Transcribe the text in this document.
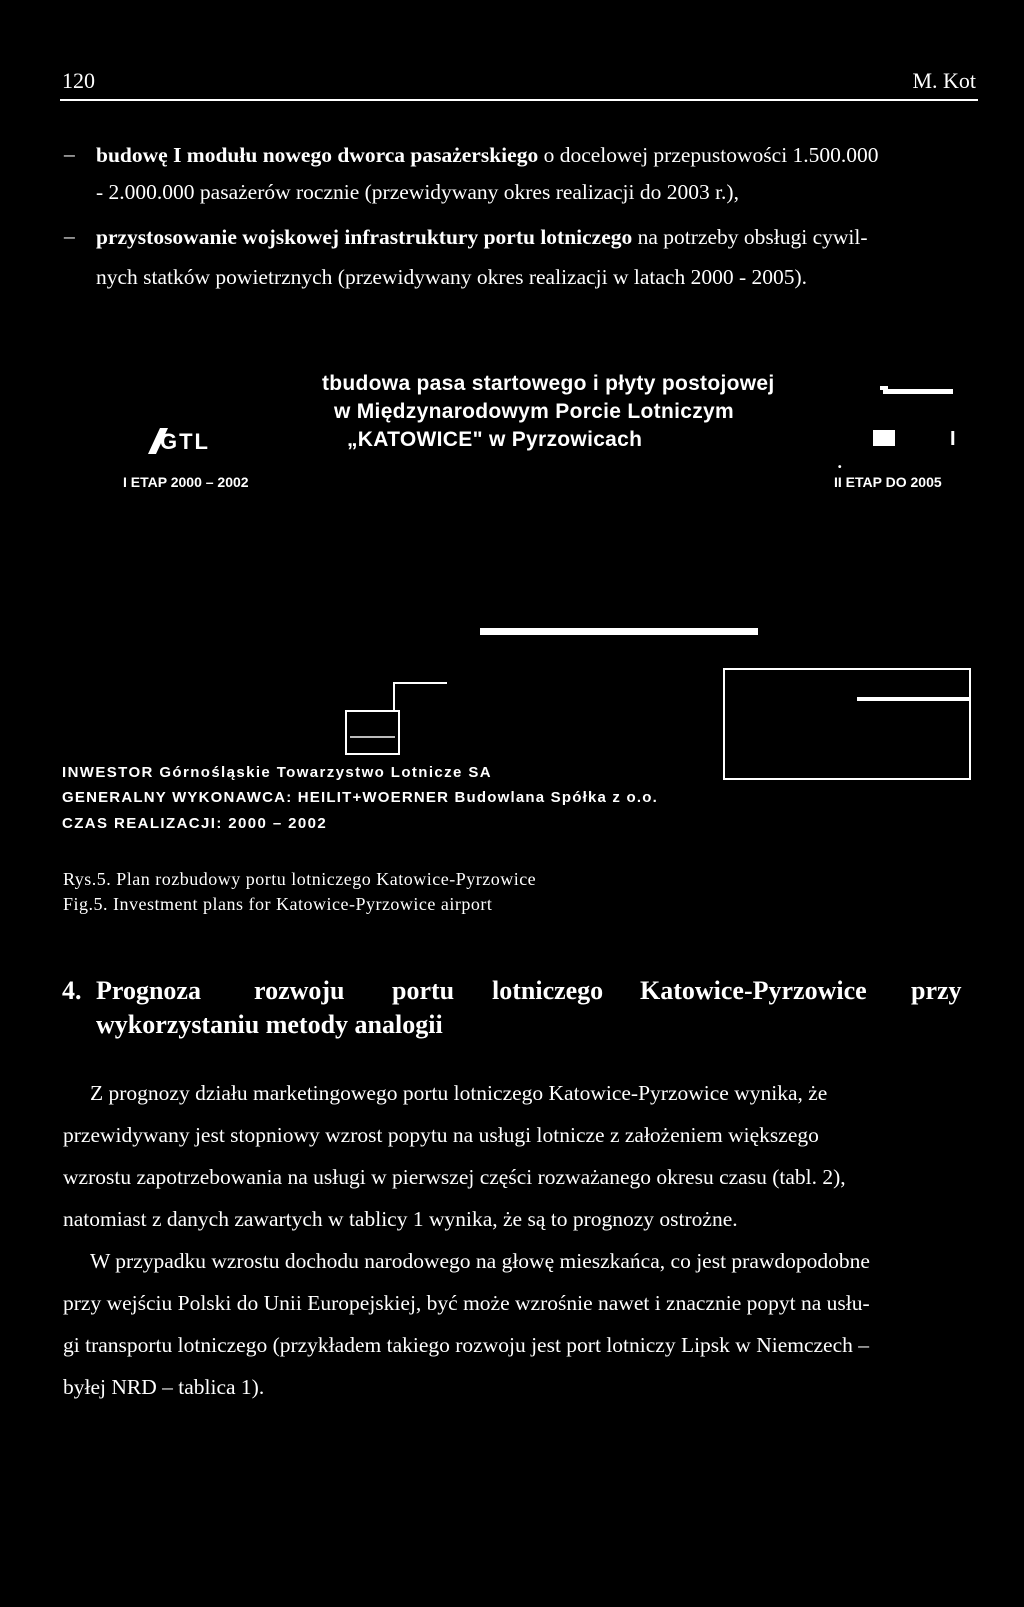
120	M. Kot
– budowę I modułu nowego dworca pasażerskiego o docelowej przepustowości 1.500.000
- 2.000.000 pasażerów rocznie (przewidywany okres realizacji do 2003 r.),
– przystosowanie wojskowej infrastruktury portu lotniczego na potrzeby obsługi cywil-
nych statków powietrznych (przewidywany okres realizacji w latach 2000 - 2005).
tbudowa pasa startowego i płyty postojowej
w Międzynarodowym Porcie Lotniczym
„KATOWICE" w Pyrzowicach
GTL
I ETAP 2000 – 2002	II ETAP DO 2005
I
•
INWESTOR Górnośląskie Towarzystwo Lotnicze SA
GENERALNY WYKONAWCA: HEILIT+WOERNER Budowlana Spółka z o.o.
CZAS REALIZACJI: 2000 – 2002
Rys.5. Plan rozbudowy portu lotniczego Katowice-Pyrzowice
Fig.5. Investment plans for Katowice-Pyrzowice airport
4. Prognoza rozwoju portu lotniczego Katowice-Pyrzowice przy
wykorzystaniu metody analogii
Z prognozy działu marketingowego portu lotniczego Katowice-Pyrzowice wynika, że
przewidywany jest stopniowy wzrost popytu na usługi lotnicze z założeniem większego
wzrostu zapotrzebowania na usługi w pierwszej części rozważanego okresu czasu (tabl. 2),
natomiast z danych zawartych w tablicy 1 wynika, że są to prognozy ostrożne.
W przypadku wzrostu dochodu narodowego na głowę mieszkańca, co jest prawdopodobne
przy wejściu Polski do Unii Europejskiej, być może wzrośnie nawet i znacznie popyt na usłu-
gi transportu lotniczego (przykładem takiego rozwoju jest port lotniczy Lipsk w Niemczech –
byłej NRD – tablica 1).
